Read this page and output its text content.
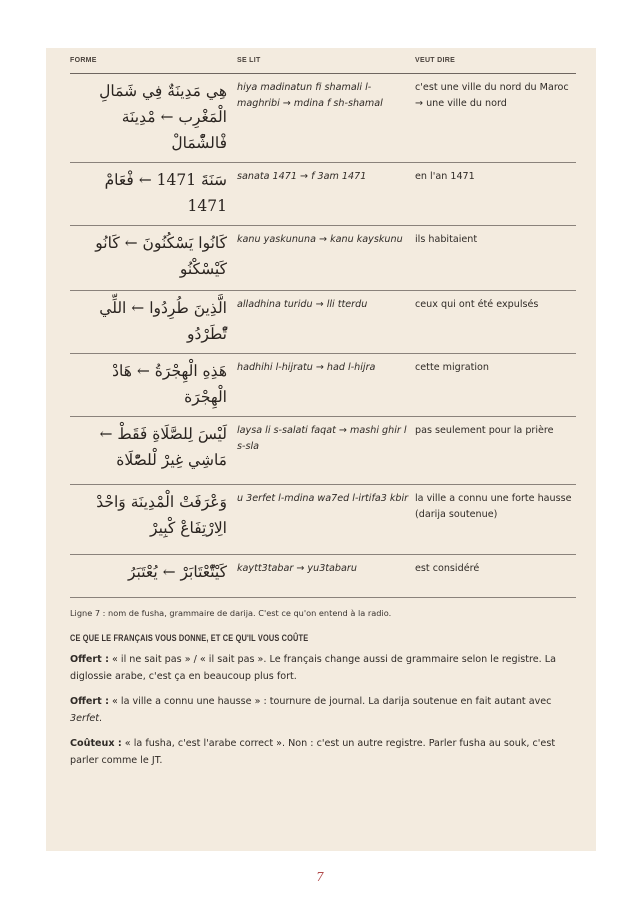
FORME	SE LIT	VEUT DIRE
هِي مَدِينَةٌ فِي شَمَالِ الْمَغْرِب ← مْدِينَة فْالشّْمَالْ	hiya madinatun fi shamali l-maghribi → mdina f sh-shamal	c'est une ville du nord du Maroc → une ville du nord
سَنَةَ 1471 ← فْعَامْ 1471	sanata 1471 → f 3am 1471	en l'an 1471
كَانُوا يَسْكُنُونَ ← كَانُو كَيْسْكْنُو	kanu yaskununa → kanu kayskunu	ils habitaient
الَّذِينَ طُرِدُوا ← اللِّي تّْطَرْدُو	alladhina turidu → lli tterdu	ceux qui ont été expulsés
هَذِهِ الْهِجْرَةُ ← هَادْ الْهِجْرَة	hadhihi l-hijratu → had l-hijra	cette migration
لَيْسَ لِلصَّلَاةِ فَقَطْ ← مَاشِي غِيرْ لْلصّْلَاة	laysa li s-salati faqat → mashi ghir l s-sla	pas seulement pour la prière
وَعْرَفَتْ الْمْدِينَة وَاحْدْ الِارْتِفَاعْ كْبِيرْ	u 3erfet l-mdina wa7ed l-irtifa3 kbir	la ville a connu une forte hausse (darija soutenue)
كَيْتّْعْتَابَرْ ← يُعْتَبَرُ	kaytt3tabar → yu3tabaru	est considéré
Ligne 7 : nom de fusha, grammaire de darija. C'est ce qu'on entend à la radio.
CE QUE LE FRANÇAIS VOUS DONNE, ET CE QU'IL VOUS COÛTE
Offert : « il ne sait pas » / « il sait pas ». Le français change aussi de grammaire selon le registre. La diglossie arabe, c'est ça en beaucoup plus fort.
Offert : « la ville a connu une hausse » : tournure de journal. La darija soutenue en fait autant avec 3erfet.
Coûteux : « la fusha, c'est l'arabe correct ». Non : c'est un autre registre. Parler fusha au souk, c'est parler comme le JT.
7
